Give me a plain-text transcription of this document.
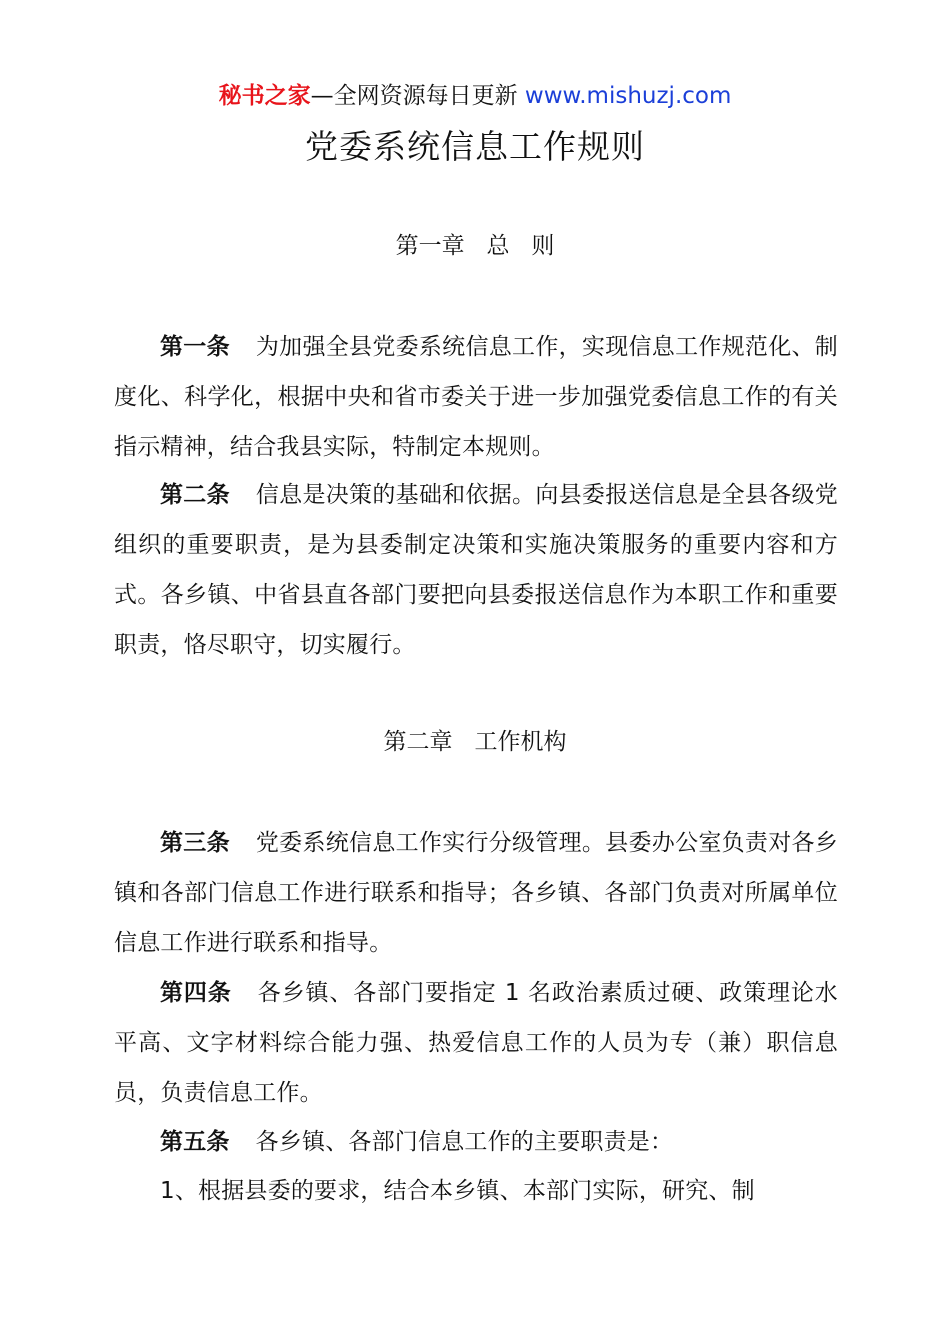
秘书之家—全网资源每日更新 www.mishuzj.com
党委系统信息工作规则
第一章   总   则

第一条 为加强全县党委系统信息工作，实现信息工作规范化、制度化、科学化，根据中央和省市委关于进一步加强党委信息工作的有关指示精神，结合我县实际，特制定本规则。

第二条 信息是决策的基础和依据。向县委报送信息是全县各级党组织的重要职责，是为县委制定决策和实施决策服务的重要内容和方式。各乡镇、中省县直各部门要把向县委报送信息作为本职工作和重要职责，恪尽职守，切实履行。

第二章   工作机构

第三条 党委系统信息工作实行分级管理。县委办公室负责对各乡镇和各部门信息工作进行联系和指导；各乡镇、各部门负责对所属单位信息工作进行联系和指导。

第四条 各乡镇、各部门要指定 1 名政治素质过硬、政策理论水平高、文字材料综合能力强、热爱信息工作的人员为专（兼）职信息员，负责信息工作。

第五条 各乡镇、各部门信息工作的主要职责是：

1、根据县委的要求，结合本乡镇、本部门实际，研究、制
